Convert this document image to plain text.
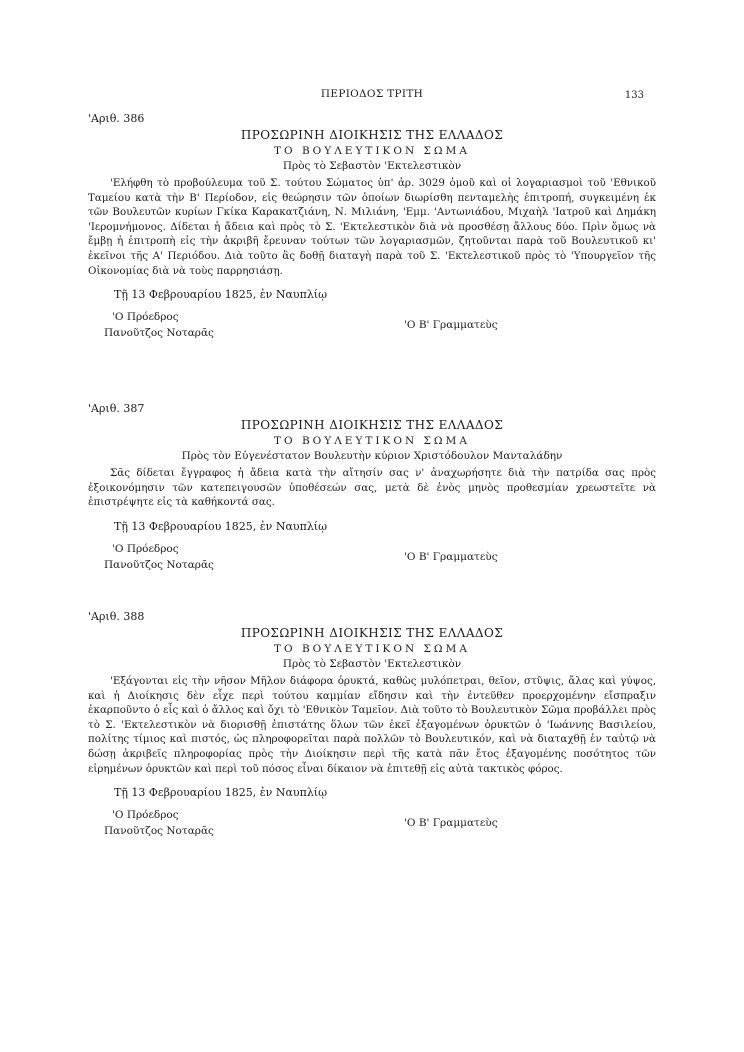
ΠΕΡΙΟΔΟΣ ΤΡΙΤΗ	133

'Αριθ. 386

ΠΡΟΣΩΡΙΝΗ ΔΙΟΙΚΗΣΙΣ ΤΗΣ ΕΛΛΑΔΟΣ
ΤΟ ΒΟΥΛΕΥΤΙΚΟΝ ΣΩΜΑ
Πρὸς τὸ Σεβαστὸν 'Εκτελεστικὸν

'Ελήφθη τὸ προβούλευμα τοῦ Σ. τούτου Σώματος ὑπ' ἀρ. 3029 ὁμοῦ καὶ οἱ λογαριασμοὶ τοῦ 'Εθνικοῦ Ταμείου κατὰ τὴν Β' Περίοδον, εἰς θεώρησιν τῶν ὁποίων διωρίσθη πενταμελὴς ἐπιτροπή, συγκειμένη ἐκ τῶν Βουλευτῶν κυρίων Γκίκα Καρακατζιάνη, Ν. Μιλιάνη, 'Εμμ. 'Αντωνιάδου, Μιχαὴλ 'Ιατροῦ καὶ Δημάκη 'Ιερομνήμονος. Δίδεται ἡ ἄδεια καὶ πρὸς τὸ Σ. 'Εκτελεστικὸν διὰ νὰ προσθέσῃ ἄλλους δύο. Πρὶν ὅμως νὰ ἔμβῃ ἡ ἐπιτροπὴ εἰς τὴν ἀκριβῆ ἔρευναν τούτων τῶν λογαριασμῶν, ζητοῦνται παρὰ τοῦ Βουλευτικοῦ κι' ἐκεῖνοι τῆς Α' Περιόδου. Διὰ τοῦτο ἂς δοθῇ διαταγὴ παρὰ τοῦ Σ. 'Εκτελεστικοῦ πρὸς τὸ 'Υπουργεῖον τῆς Οἰκονομίας διὰ νὰ τοὺς παρρησιάσῃ.

Τῇ 13 Φεβρουαρίου 1825, ἐν Ναυπλίῳ
'Ο Πρόεδρος
Πανοῦτζος Νοταρᾶς
'Ο Β' Γραμματεὺς

'Αριθ. 387

ΠΡΟΣΩΡΙΝΗ ΔΙΟΙΚΗΣΙΣ ΤΗΣ ΕΛΛΑΔΟΣ
ΤΟ ΒΟΥΛΕΥΤΙΚΟΝ ΣΩΜΑ
Πρὸς τὸν Εὐγενέστατον Βουλευτὴν κύριον Χριστόδουλον Μανταλάδην

Σᾶς δίδεται ἔγγραφος ἡ ἄδεια κατὰ τὴν αἴτησίν σας ν' ἀναχωρήσητε διὰ τὴν πατρίδα σας πρὸς ἐξοικονόμησιν τῶν κατεπειγουσῶν ὑποθέσεών σας, μετὰ δὲ ἑνὸς μηνὸς προθεσμίαν χρεωστεῖτε νὰ ἐπιστρέψητε εἰς τὰ καθήκοντά σας.

Τῇ 13 Φεβρουαρίου 1825, ἐν Ναυπλίῳ
'Ο Πρόεδρος
Πανοῦτζος Νοταρᾶς
'Ο Β' Γραμματεὺς

'Αριθ. 388

ΠΡΟΣΩΡΙΝΗ ΔΙΟΙΚΗΣΙΣ ΤΗΣ ΕΛΛΑΔΟΣ
ΤΟ ΒΟΥΛΕΥΤΙΚΟΝ ΣΩΜΑ
Πρὸς τὸ Σεβαστὸν 'Εκτελεστικὸν

'Εξάγονται εἰς τὴν νῆσον Μῆλον διάφορα ὀρυκτά, καθὼς μυλόπετραι, θεῖον, στῦψις, ἄλας καὶ γύψος, καὶ ἡ Διοίκησις δὲν εἶχε περὶ τούτου καμμίαν εἴδησιν καὶ τὴν ἐντεῦθεν προερχομένην εἴσπραξιν ἐκαρποῦντο ὁ εἷς καὶ ὁ ἄλλος καὶ ὄχι τὸ 'Εθνικὸν Ταμεῖον. Διὰ τοῦτο τὸ Βουλευτικὸν Σῶμα προβάλλει πρὸς τὸ Σ. 'Εκτελεστικὸν νὰ διορισθῇ ἐπιστάτης ὅλων τῶν ἐκεῖ ἐξαγομένων ὀρυκτῶν ὁ 'Ιωάννης Βασιλείου, πολίτης τίμιος καὶ πιστός, ὡς πληροφορεῖται παρὰ πολλῶν τὸ Βουλευτικόν, καὶ νὰ διαταχθῇ ἐν ταὐτῷ νὰ δώσῃ ἀκριβεῖς πληροφορίας πρὸς τὴν Διοίκησιν περὶ τῆς κατὰ πᾶν ἔτος ἐξαγομένης ποσότητος τῶν εἰρημένων ὀρυκτῶν καὶ περὶ τοῦ πόσος εἶναι δίκαιον νὰ ἐπιτεθῇ εἰς αὐτὰ τακτικὸς φόρος.

Τῇ 13 Φεβρουαρίου 1825, ἐν Ναυπλίῳ
'Ο Πρόεδρος
Πανοῦτζος Νοταρᾶς
'Ο Β' Γραμματεὺς
